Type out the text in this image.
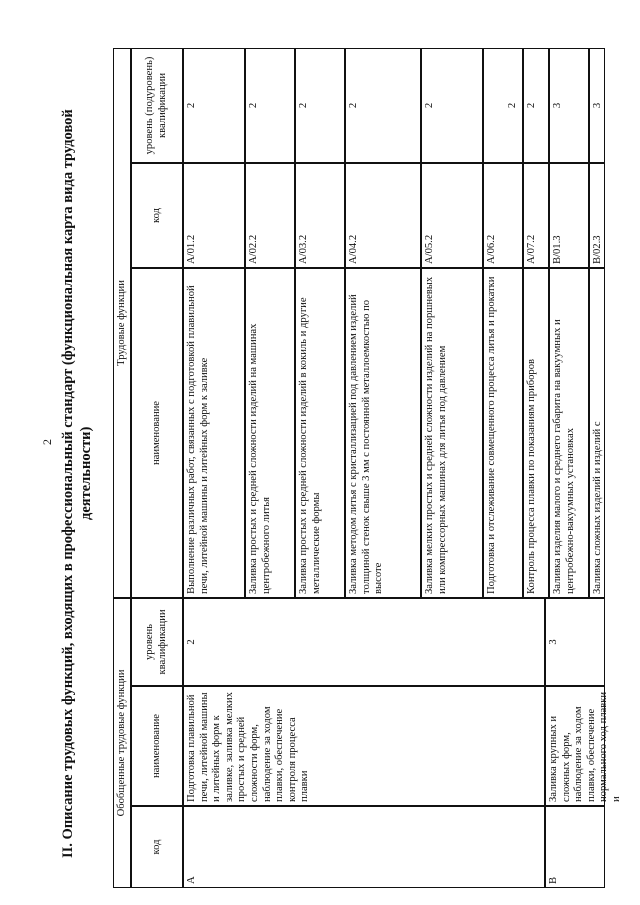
2 II. Описание трудовых функций, входящих в профессиональный стандарт (функциональная карта вида трудовой деятельности)
Обобщенные трудовые функции
Трудовые функции
код
наименование
уровень квалификации
наименование
код
уровень (подуровень) квалификации
A
Подготовка плавильной печи, литейной машины и литейных форм к заливке, заливка мелких простых и средней сложности форм, наблюдение за ходом плавки, обеспечение контроля процесса плавки
2
B
Заливка крупных и сложных форм, наблюдение за ходом плавки, обеспечение нормального ход плавки и
3
Выполнение различных работ, связанных с подготовкой плавильной печи, литейной машины и литейных форм к заливке
A/01.2
2
Заливка простых и средней сложности изделий на машинах центробежного литья
A/02.2
2
Заливка простых и средней сложности изделий в кокиль и другие металлические формы
A/03.2
2
Заливка методом литья с кристаллизацией под давлением изделий толщиной стенок свыше 3 мм с постоянной металлоемкостью по высоте
A/04.2
2
Заливка мелких простых и средней сложности изделий на поршневых или компрессорных машинах для литья под давлением
A/05.2
2
Подготовка и отслеживание совмещенного процесса литья и прокатки
A/06.2
2
Контроль процесса плавки по показаниям приборов
A/07.2
2
Заливка изделия малого и среднего габарита на вакуумных и центробежно-вакуумных установках
B/01.3
3
Заливка сложных изделий и изделий с
B/02.3
3
